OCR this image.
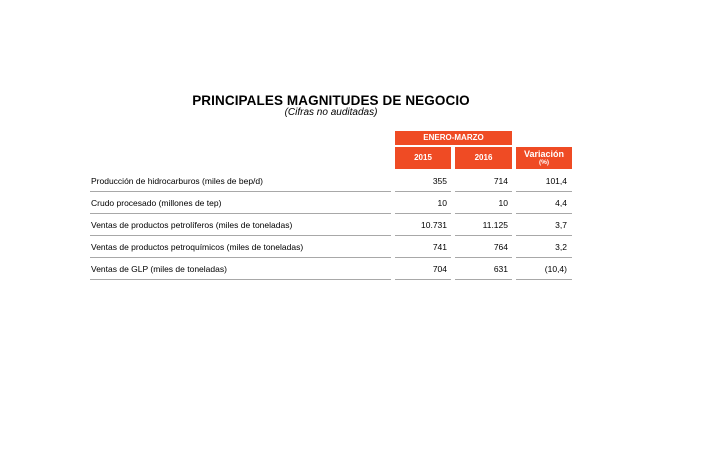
PRINCIPALES MAGNITUDES DE NEGOCIO
(Cifras no auditadas)
ENERO-MARZO
2015	2016	Variación
(%)
Producción de hidrocarburos (miles de bep/d)	355	714	101,4
Crudo procesado (millones de tep)	10	10	4,4
Ventas de productos petrolíferos (miles de toneladas)	10.731	11.125	3,7
Ventas de productos petroquímicos (miles de toneladas)	741	764	3,2
Ventas de GLP (miles de toneladas)	704	631	(10,4)
